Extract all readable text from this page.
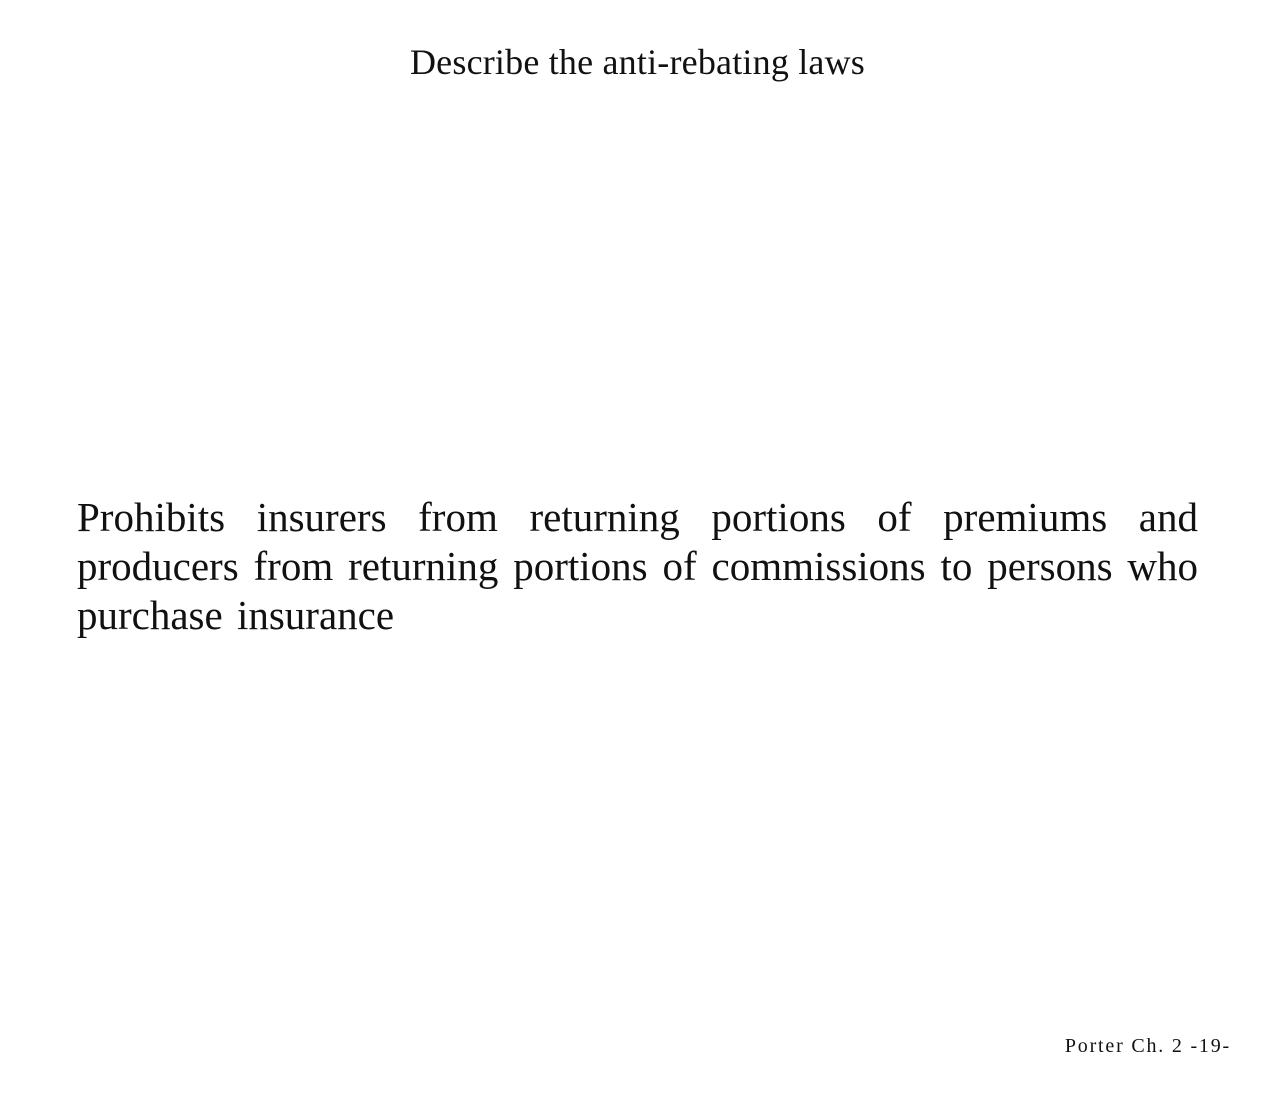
Describe the anti-rebating laws
Prohibits insurers from returning portions of premiums and producers from returning portions of commissions to persons who purchase insurance
Porter Ch. 2 -19-
